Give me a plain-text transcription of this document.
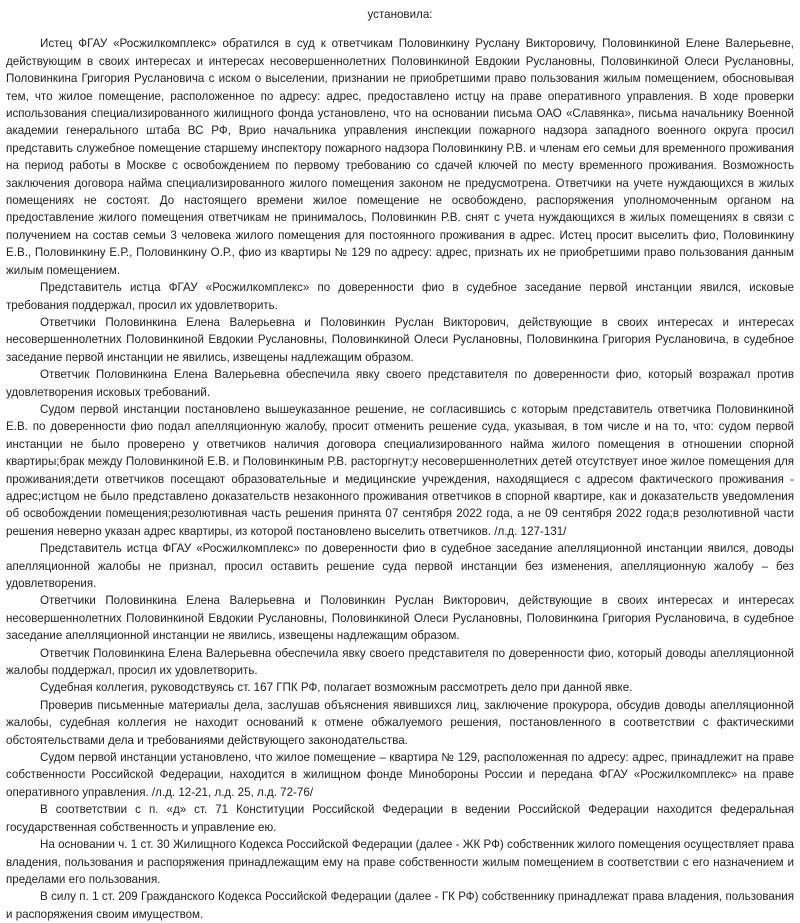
установила:

Истец ФГАУ «Росжилкомплекс» обратился в суд к ответчикам Половинкину Руслану Викторовичу, Половинкиной Елене Валерьевне, действующим в своих интересах и интересах несовершеннолетних Половинкиной Евдокии Руслановны, Половинкиной Олеси Руслановны, Половинкина Григория Руслановича с иском о выселении, признании не приобретшими право пользования жилым помещением, обосновывая тем, что жилое помещение, расположенное по адресу: адрес, предоставлено истцу на праве оперативного управления. В ходе проверки использования специализированного жилищного фонда установлено, что на основании письма ОАО «Славянка», письма начальнику Военной академии генерального штаба ВС РФ, Врио начальника управления инспекции пожарного надзора западного военного округа просил представить служебное помещение старшему инспектору пожарного надзора Половинкину Р.В. и членам его семьи для временного проживания на период работы в Москве с освобождением по первому требованию со сдачей ключей по месту временного проживания. Возможность заключения договора найма специализированного жилого помещения законом не предусмотрена. Ответчики на учете нуждающихся в жилых помещениях не состоят. До настоящего времени жилое помещение не освобождено, распоряжения уполномоченным органом на предоставление жилого помещения ответчикам не принималось, Половинкин Р.В. снят с учета нуждающихся в жилых помещениях в связи с получением на состав семьи 3 человека жилого помещения для постоянного проживания в адрес. Истец просит выселить фио, Половинкину Е.В., Половинкину Е.Р., Половинкину О.Р., фио из квартиры № 129 по адресу: адрес, признать их не приобретшими право пользования данным жилым помещением.

Представитель истца ФГАУ «Росжилкомплекс» по доверенности фио в судебное заседание первой инстанции явился, исковые требования поддержал, просил их удовлетворить.

Ответчики Половинкина Елена Валерьевна и Половинкин Руслан Викторович, действующие в своих интересах и интересах несовершеннолетних Половинкиной Евдокии Руслановны, Половинкиной Олеси Руслановны, Половинкина Григория Руслановича, в судебное заседание первой инстанции не явились, извещены надлежащим образом.

Ответчик Половинкина Елена Валерьевна обеспечила явку своего представителя по доверенности фио, который возражал против удовлетворения исковых требований.

Судом первой инстанции постановлено вышеуказанное решение, не согласившись с которым представитель ответчика Половинкиной Е.В. по доверенности фио подал апелляционную жалобу, просит отменить решение суда, указывая, в том числе и на то, что: судом первой инстанции не было проверено у ответчиков наличия договора специализированного найма жилого помещения в отношении спорной квартиры;брак между Половинкиной Е.В. и Половинкиным Р.В. расторгнут;у несовершеннолетних детей отсутствует иное жилое помещения для проживания;дети ответчиков посещают образовательные и медицинские учреждения, находящиеся с адресом фактического проживания - адрес;истцом не было представлено доказательств незаконного проживания ответчиков в спорной квартире, как и доказательств уведомления об освобождении помещения;резолютивная часть решения принята 07 сентября 2022 года, а не 09 сентября 2022 года;в резолютивной части решения неверно указан адрес квартиры, из которой постановлено выселить ответчиков. /л.д. 127-131/

Представитель истца ФГАУ «Росжилкомплекс» по доверенности фио в судебное заседание апелляционной инстанции явился, доводы апелляционной жалобы не признал, просил оставить решение суда первой инстанции без изменения, апелляционную жалобу – без удовлетворения.

Ответчики Половинкина Елена Валерьевна и Половинкин Руслан Викторович, действующие в своих интересах и интересах несовершеннолетних Половинкиной Евдокии Руслановны, Половинкиной Олеси Руслановны, Половинкина Григория Руслановича, в судебное заседание апелляционной инстанции не явились, извещены надлежащим образом.

Ответчик Половинкина Елена Валерьевна обеспечила явку своего представителя по доверенности фио, который доводы апелляционной жалобы поддержал, просил их удовлетворить.

Судебная коллегия, руководствуясь ст. 167 ГПК РФ, полагает возможным рассмотреть дело при данной явке.

Проверив письменные материалы дела, заслушав объяснения явившихся лиц, заключение прокурора, обсудив доводы апелляционной жалобы, судебная коллегия не находит оснований к отмене обжалуемого решения, постановленного в соответствии с фактическими обстоятельствами дела и требованиями действующего законодательства.

Судом первой инстанции установлено, что жилое помещение – квартира № 129, расположенная по адресу: адрес, принадлежит на праве собственности Российской Федерации, находится в жилищном фонде Минобороны России и передана ФГАУ «Росжилкомплекс» на праве оперативного управления. /л.д. 12-21, л.д. 25, л.д. 72-76/

В соответствии с п. «д» ст. 71 Конституции Российской Федерации в ведении Российской Федерации находится федеральная государственная собственность и управление ею.

На основании ч. 1 ст. 30 Жилищного Кодекса Российской Федерации (далее - ЖК РФ) собственник жилого помещения осуществляет права владения, пользования и распоряжения принадлежащим ему на праве собственности жилым помещением в соответствии с его назначением и пределами его пользования.

В силу п. 1 ст. 209 Гражданского Кодекса Российской Федерации (далее - ГК РФ) собственнику принадлежат права владения, пользования и распоряжения своим имуществом.
